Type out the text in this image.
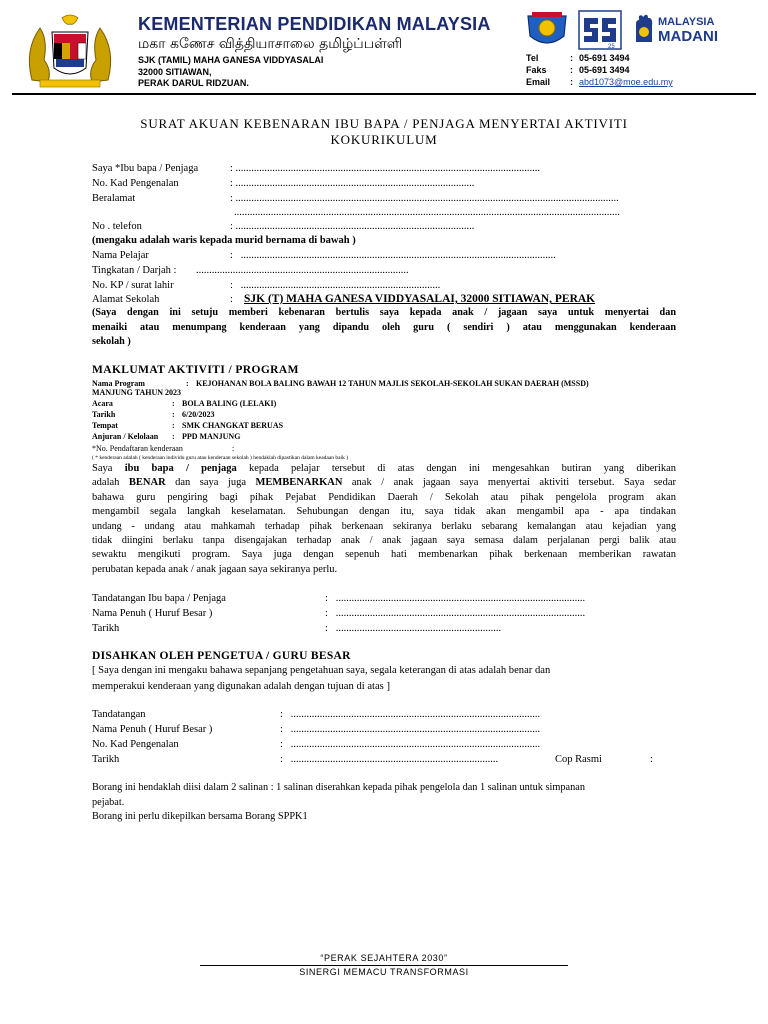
KEMENTERIAN PENDIDIKAN MALAYSIA
மகா கணேச வித்தியாசாலை தமிழ்ப்பள்ளி
SJK (TAMIL) MAHA GANESA VIDDYASALAI
32000 SITIAWAN,
PERAK DARUL RIDZUAN.
25
MALAYSIA
MADANI
Tel	: 05-691 3494
Faks	: 05-691 3494
Email : abd1073@moe.edu.my
SURAT AKUAN KEBENARAN IBU BAPA / PENJAGA MENYERTAI AKTIVITI
KOKURIKULUM
Saya *Ibu bapa / Penjaga	: ....................................................................................................................
No. Kad Pengenalan	: ...........................................................................................
Beralamat	: ..................................................................................................................................................
...................................................................................................................................................
No . telefon	: ...........................................................................................
(mengaku adalah waris kepada murid bernama di bawah )
Nama Pelajar	: ........................................................................................................................
Tingkatan / Darjah : .................................................................................
No. KP / surat lahir	: ............................................................................
Alamat Sekolah	: SJK (T) MAHA GANESA VIDDYASALAI, 32000 SITIAWAN, PERAK
(Saya dengan ini setuju memberi kebenaran bertulis saya kepada anak / jagaan saya untuk menyertai dan
menaiki atau menumpang kenderaan yang dipandu oleh guru ( sendiri ) atau menggunakan kenderaan
sekolah )
MAKLUMAT AKTIVITI / PROGRAM
Nama Program	: KEJOHANAN BOLA BALING BAWAH 12 TAHUN MAJLIS SEKOLAH-SEKOLAH SUKAN DAERAH (MSSD)
MANJUNG TAHUN 2023
Acara	: BOLA BALING (LELAKI)
Tarikh	: 6/20/2023
Tempat	: SMK CHANGKAT BERUAS
Anjuran / Kelolaan : PPD MANJUNG
*No. Pendaftaran kenderaan	:
( * kenderaan adalah ( kenderaan individu guru atau kenderaan sekolah ) hendaklah dipastikan dalam keadaan baik )
Saya ibu bapa / penjaga kepada pelajar tersebut di atas dengan ini mengesahkan butiran yang diberikan
adalah BENAR dan saya juga MEMBENARKAN anak / anak jagaan saya menyertai aktiviti tersebut. Saya sedar
bahawa guru pengiring bagi pihak Pejabat Pendidikan Daerah / Sekolah atau pihak pengelola program akan
mengambil segala langkah keselamatan. Sehubungan dengan itu, saya tidak akan mengambil apa - apa tindakan
undang - undang atau mahkamah terhadap pihak berkenaan sekiranya berlaku sebarang kemalangan atau kejadian yang
tidak diingini berlaku tanpa disengajakan terhadap anak / anak jagaan saya semasa dalam perjalanan pergi balik atau
sewaktu mengikuti program. Saya juga dengan sepenuh hati membenarkan pihak berkenaan memberikan rawatan
perubatan kepada anak / anak jagaan saya sekiranya perlu.
Tandatangan Ibu bapa / Penjaga	: ...............................................................................................
Nama Penuh ( Huruf Besar )	: ...............................................................................................
Tarikh	: ...............................................................
DISAHKAN OLEH PENGETUA / GURU BESAR
[ Saya dengan ini mengaku bahawa sepanjang pengetahuan saya, segala keterangan di atas adalah benar dan
memperakui kenderaan yang digunakan adalah dengan tujuan di atas ]
Tandatangan	: ...............................................................................................
Nama Penuh ( Huruf Besar )	: ...............................................................................................
No. Kad Pengenalan	: ...............................................................................................
Tarikh	: ...............................................................................	Cop Rasmi	:
Borang ini hendaklah diisi dalam 2 salinan : 1 salinan diserahkan kepada pihak pengelola dan 1 salinan untuk simpanan
pejabat.
Borang ini perlu dikepilkan bersama Borang SPPK1
“PERAK SEJAHTERA 2030”
SINERGI MEMACU TRANSFORMASI
